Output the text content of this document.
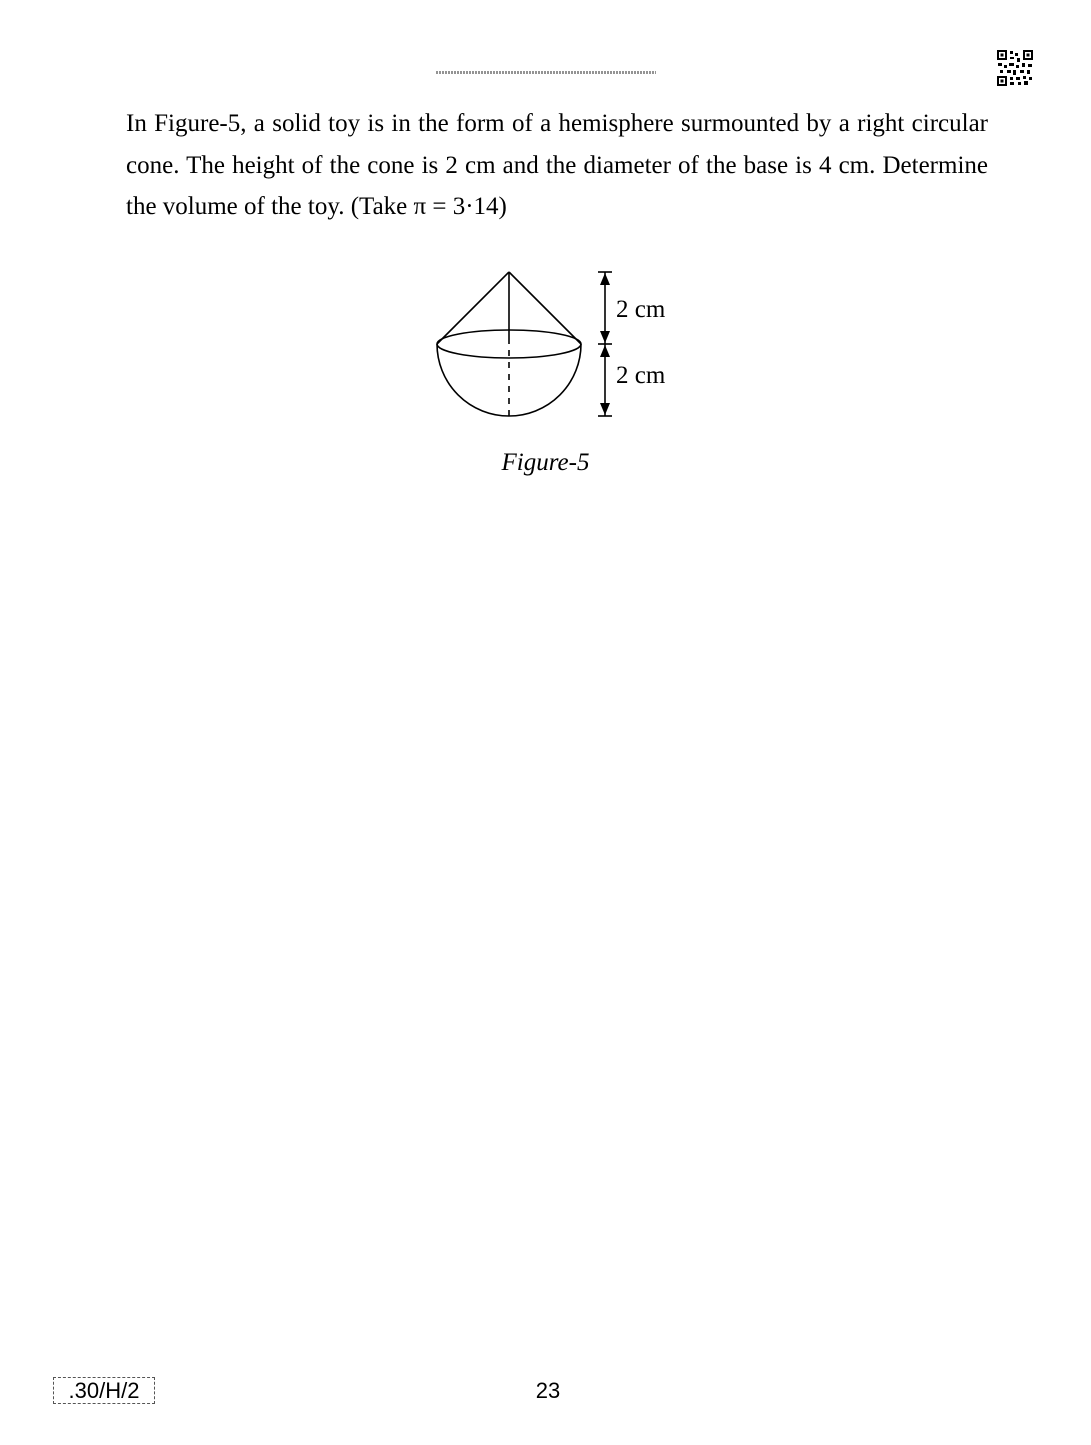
In Figure-5, a solid toy is in the form of a hemisphere surmounted by a right circular cone. The height of the cone is 2 cm and the diameter of the base is 4 cm. Determine the volume of the toy. (Take π = 3·14)

2 cm
2 cm
Figure-5
.30/H/2	23
